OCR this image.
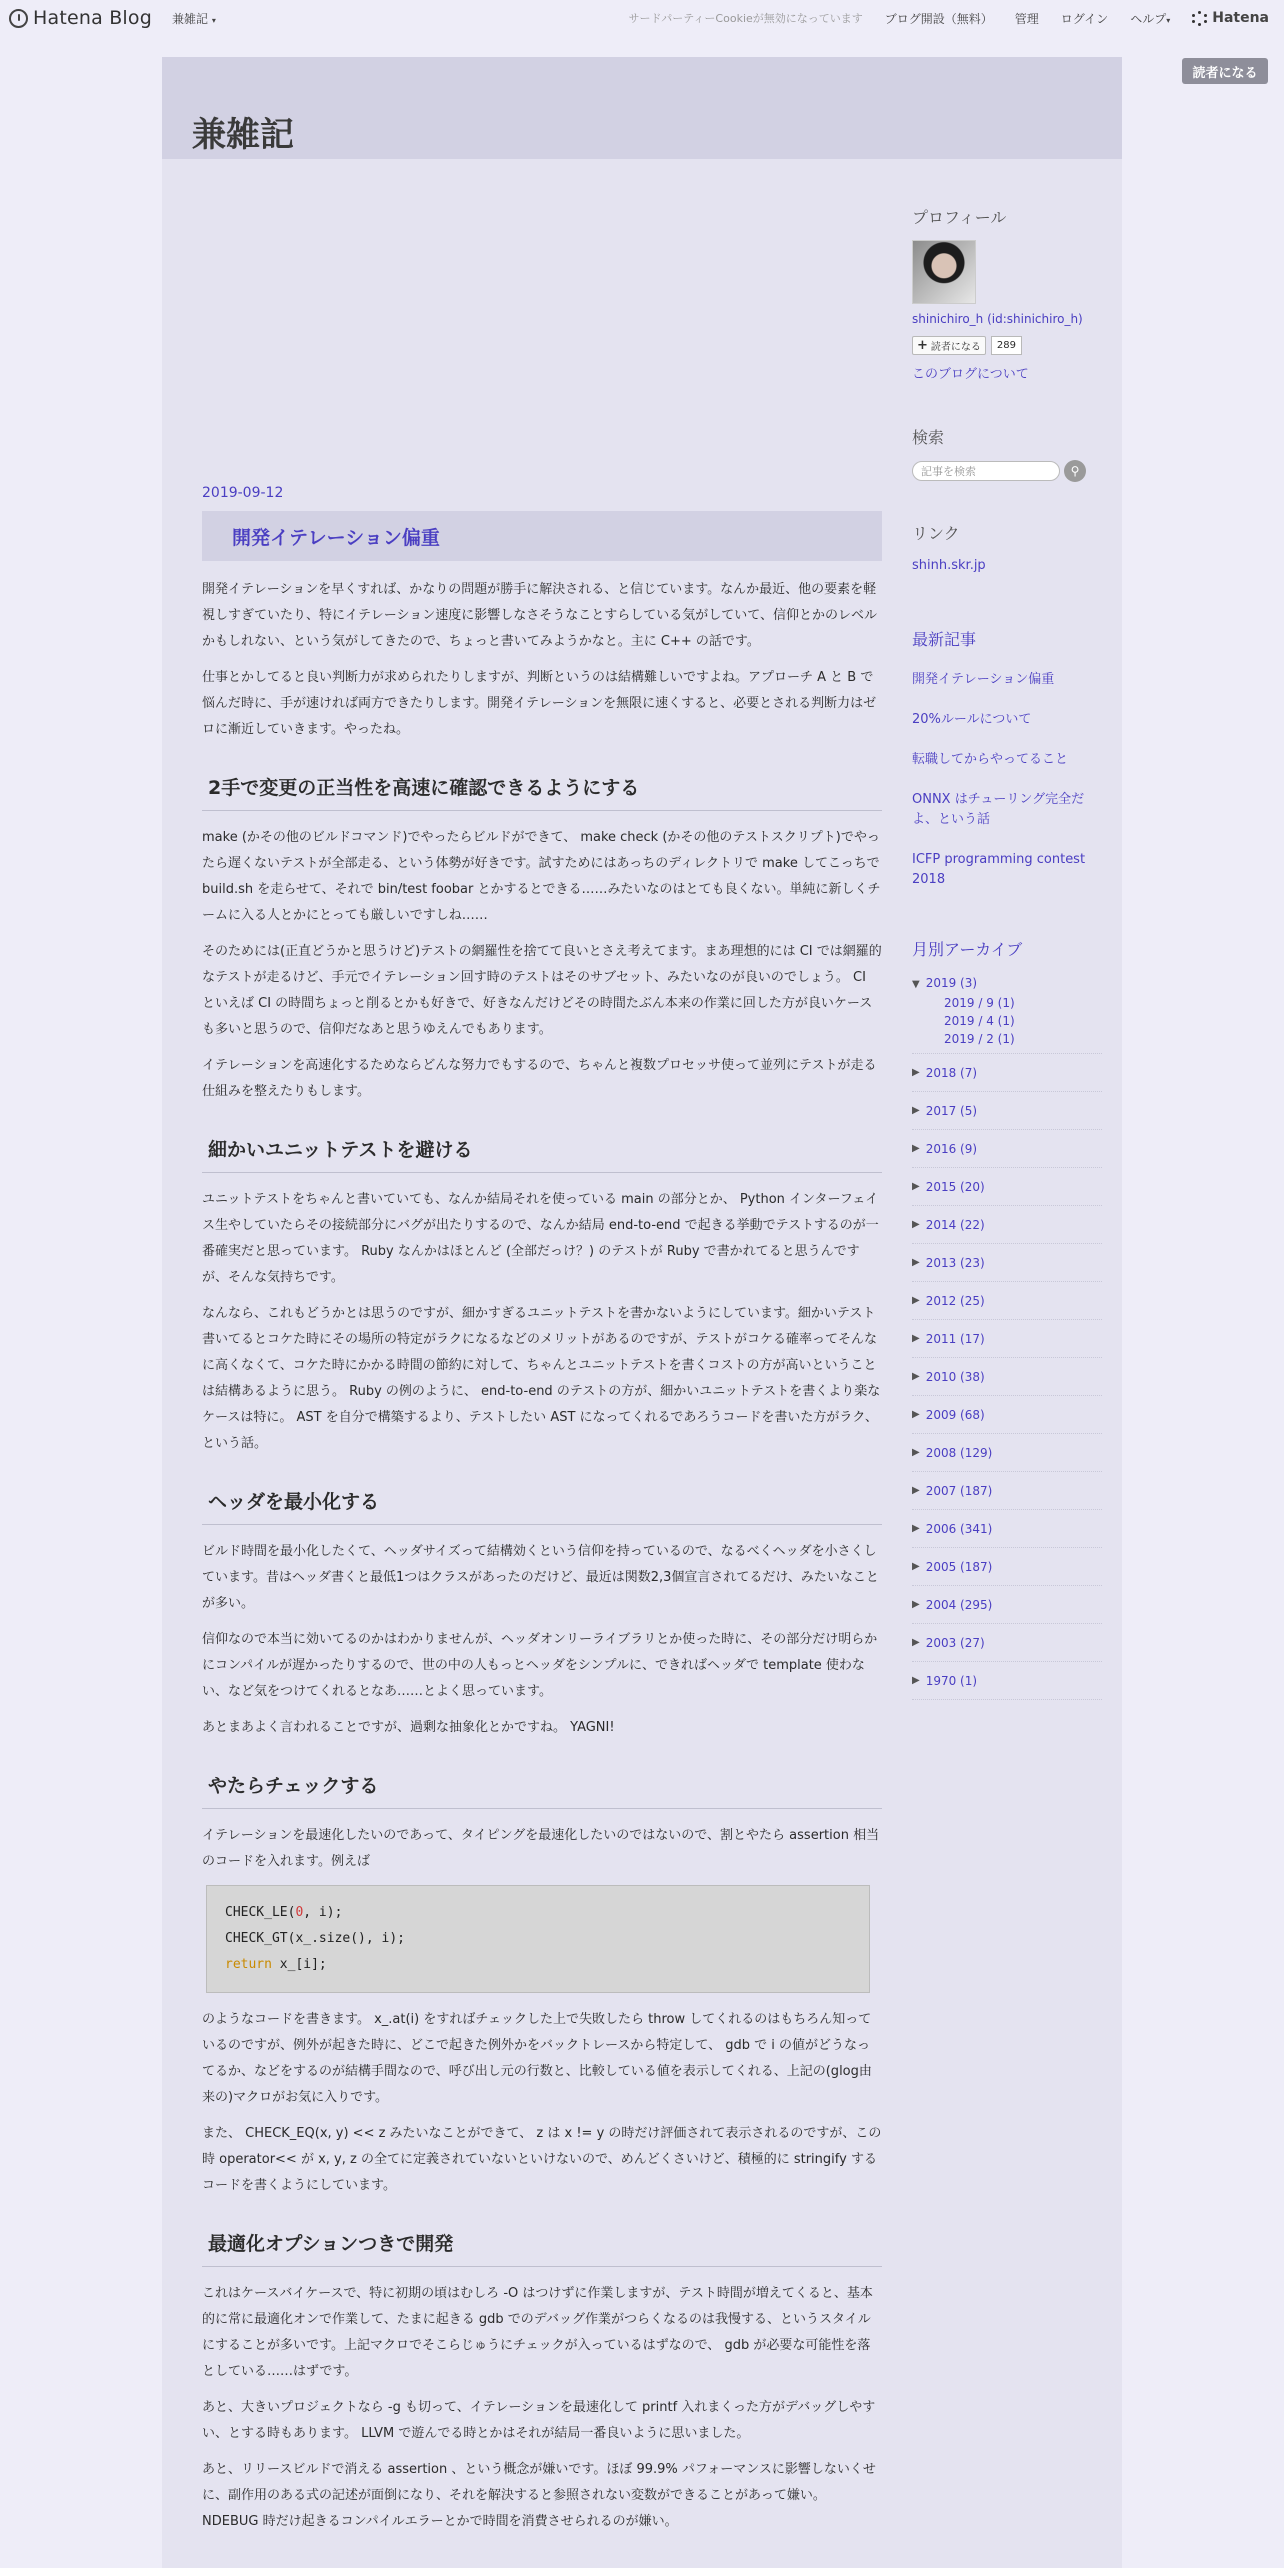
Hatena Blog 兼雑記 ▾	サードパーティーCookieが無効になっています ブログ開設（無料） 管理 ログイン ヘルプ▾	Hatena
読者になる
兼雑記
2019-09-12
開発イテレーション偏重

開発イテレーションを早くすれば、かなりの問題が勝手に解決される、と信じています。なんか最近、他の要素を軽視しすぎていたり、特にイテレーション速度に影響しなさそうなことすらしている気がしていて、信仰とかのレベルかもしれない、という気がしてきたので、ちょっと書いてみようかなと。主に C++ の話です。

仕事とかしてると良い判断力が求められたりしますが、判断というのは結構難しいですよね。アプローチ A と B で悩んだ時に、手が速ければ両方できたりします。開発イテレーションを無限に速くすると、必要とされる判断力はゼロに漸近していきます。やったね。

2手で変更の正当性を高速に確認できるようにする

make (かその他のビルドコマンド)でやったらビルドができて、 make check (かその他のテストスクリプト)でやったら遅くないテストが全部走る、という体勢が好きです。試すためにはあっちのディレクトリで make してこっちで build.sh を走らせて、それで bin/test foobar とかするとできる……みたいなのはとても良くない。単純に新しくチームに入る人とかにとっても厳しいですしね……

そのためには(正直どうかと思うけど)テストの網羅性を捨てて良いとさえ考えてます。まあ理想的には CI では網羅的なテストが走るけど、手元でイテレーション回す時のテストはそのサブセット、みたいなのが良いのでしょう。 CI といえば CI の時間ちょっと削るとかも好きで、好きなんだけどその時間たぶん本来の作業に回した方が良いケースも多いと思うので、信仰だなあと思うゆえんでもあります。

イテレーションを高速化するためならどんな努力でもするので、ちゃんと複数プロセッサ使って並列にテストが走る仕組みを整えたりもします。

細かいユニットテストを避ける

ユニットテストをちゃんと書いていても、なんか結局それを使っている main の部分とか、 Python インターフェイス生やしていたらその接続部分にバグが出たりするので、なんか結局 end-to-end で起きる挙動でテストするのが一番確実だと思っています。 Ruby なんかはほとんど (全部だっけ？) のテストが Ruby で書かれてると思うんですが、そんな気持ちです。

なんなら、これもどうかとは思うのですが、細かすぎるユニットテストを書かないようにしています。細かいテスト書いてるとコケた時にその場所の特定がラクになるなどのメリットがあるのですが、テストがコケる確率ってそんなに高くなくて、コケた時にかかる時間の節約に対して、ちゃんとユニットテストを書くコストの方が高いということは結構あるように思う。 Ruby の例のように、 end-to-end のテストの方が、細かいユニットテストを書くより楽なケースは特に。 AST を自分で構築するより、テストしたい AST になってくれるであろうコードを書いた方がラク、という話。

ヘッダを最小化する

ビルド時間を最小化したくて、ヘッダサイズって結構効くという信仰を持っているので、なるべくヘッダを小さくしています。昔はヘッダ書くと最低1つはクラスがあったのだけど、最近は関数2,3個宣言されてるだけ、みたいなことが多い。

信仰なので本当に効いてるのかはわかりませんが、ヘッダオンリーライブラリとか使った時に、その部分だけ明らかにコンパイルが遅かったりするので、世の中の人もっとヘッダをシンプルに、できればヘッダで template 使わない、など気をつけてくれるとなあ……とよく思っています。

あとまあよく言われることですが、過剰な抽象化とかですね。 YAGNI!

やたらチェックする

イテレーションを最速化したいのであって、タイピングを最速化したいのではないので、割とやたら assertion 相当のコードを入れます。例えば

CHECK_LE(0, i);
CHECK_GT(x_.size(), i);
return x_[i];

のようなコードを書きます。 x_.at(i) をすればチェックした上で失敗したら throw してくれるのはもちろん知っているのですが、例外が起きた時に、どこで起きた例外かをバックトレースから特定して、 gdb で i の値がどうなってるか、などをするのが結構手間なので、呼び出し元の行数と、比較している値を表示してくれる、上記の(glog由来の)マクロがお気に入りです。

また、 CHECK_EQ(x, y) << z みたいなことができて、 z は x != y の時だけ評価されて表示されるのですが、この時 operator<< が x, y, z の全てに定義されていないといけないので、めんどくさいけど、積極的に stringify するコードを書くようにしています。

最適化オプションつきで開発

これはケースバイケースで、特に初期の頃はむしろ -O はつけずに作業しますが、テスト時間が増えてくると、基本的に常に最適化オンで作業して、たまに起きる gdb でのデバッグ作業がつらくなるのは我慢する、というスタイルにすることが多いです。上記マクロでそこらじゅうにチェックが入っているはずなので、 gdb が必要な可能性を落としている……はずです。

あと、大きいプロジェクトなら -g も切って、イテレーションを最速化して printf 入れまくった方がデバッグしやすい、とする時もあります。 LLVM で遊んでる時とかはそれが結局一番良いように思いました。

あと、リリースビルドで消える assertion 、という概念が嫌いです。ほぼ 99.9% パフォーマンスに影響しないくせに、副作用のある式の記述が面倒になり、それを解決すると参照されない変数ができることがあって嫌い。 NDEBUG 時だけ起きるコンパイルエラーとかで時間を消費させられるのが嫌い。

プロフィール
shinichiro_h (id:shinichiro_h)
+ 読者になる	289
このブログについて
検索
記事を検索	⚲
リンク
shinh.skr.jp
最新記事
開発イテレーション偏重
20%ルールについて
転職してからやってること
ONNX はチューリング完全だよ、という話
ICFP programming contest 2018
月別アーカイブ
▼ 2019 (3)
2019 / 9 (1)
2019 / 4 (1)
2019 / 2 (1)
▶ 2018 (7)
▶ 2017 (5)
▶ 2016 (9)
▶ 2015 (20)
▶ 2014 (22)
▶ 2013 (23)
▶ 2012 (25)
▶ 2011 (17)
▶ 2010 (38)
▶ 2009 (68)
▶ 2008 (129)
▶ 2007 (187)
▶ 2006 (341)
▶ 2005 (187)
▶ 2004 (295)
▶ 2003 (27)
▶ 1970 (1)
